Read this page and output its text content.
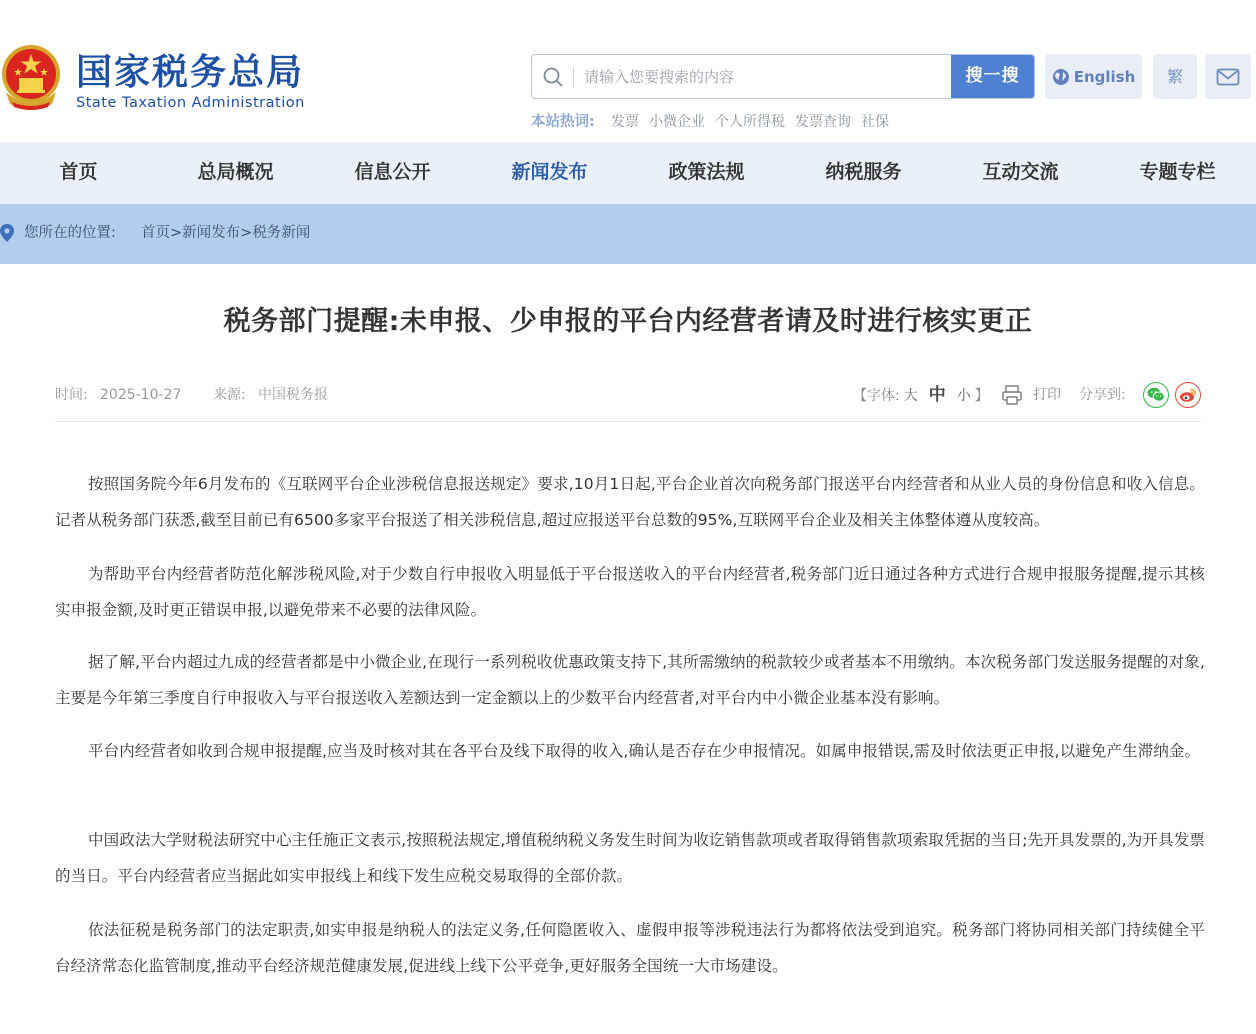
国家税务总局
State Taxation Administration
请输入您要搜索的内容
搜一搜
本站热词: 发票 小微企业 个人所得税 发票查询 社保
English	繁
首页	总局概况	信息公开	新闻发布	政策法规	纳税服务	互动交流	专题专栏
您所在的位置: 首页 > 新闻发布 > 税务新闻
税务部门提醒:未申报、少申报的平台内经营者请及时进行核实更正
时间: 2025-10-27 来源: 中国税务报	【字体: 大 中 小 】	打印 分享到:

按照国务院今年6月发布的《互联网平台企业涉税信息报送规定》要求,10月1日起,平台企业首次向税务部门报送平台内经营者和从业人员的身份信息和收入信息。记者从税务部门获悉,截至目前已有6500多家平台报送了相关涉税信息,超过应报送平台总数的95%,互联网平台企业及相关主体整体遵从度较高。

为帮助平台内经营者防范化解涉税风险,对于少数自行申报收入明显低于平台报送收入的平台内经营者,税务部门近日通过各种方式进行合规申报服务提醒,提示其核实申报金额,及时更正错误申报,以避免带来不必要的法律风险。

据了解,平台内超过九成的经营者都是中小微企业,在现行一系列税收优惠政策支持下,其所需缴纳的税款较少或者基本不用缴纳。本次税务部门发送服务提醒的对象,主要是今年第三季度自行申报收入与平台报送收入差额达到一定金额以上的少数平台内经营者,对平台内中小微企业基本没有影响。

平台内经营者如收到合规申报提醒,应当及时核对其在各平台及线下取得的收入,确认是否存在少申报情况。如属申报错误,需及时依法更正申报,以避免产生滞纳金。

中国政法大学财税法研究中心主任施正文表示,按照税法规定,增值税纳税义务发生时间为收讫销售款项或者取得销售款项索取凭据的当日;先开具发票的,为开具发票的当日。平台内经营者应当据此如实申报线上和线下发生应税交易取得的全部价款。

依法征税是税务部门的法定职责,如实申报是纳税人的法定义务,任何隐匿收入、虚假申报等涉税违法行为都将依法受到追究。税务部门将协同相关部门持续健全平台经济常态化监管制度,推动平台经济规范健康发展,促进线上线下公平竞争,更好服务全国统一大市场建设。
